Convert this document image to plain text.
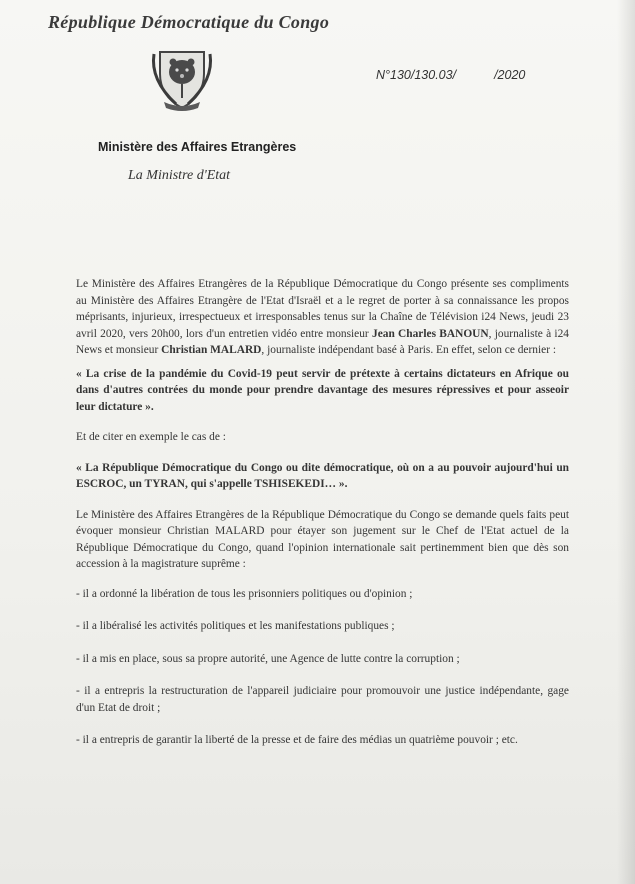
République Démocratique du Congo
N°130/130.03/	/2020
Ministère des Affaires Etrangères
La Ministre d'Etat

Le Ministère des Affaires Etrangères de la République Démocratique du Congo présente ses compliments au Ministère des Affaires Etrangère de l'Etat d'Israël et a le regret de porter à sa connaissance les propos méprisants, injurieux, irrespectueux et irresponsables tenus sur la Chaîne de Télévision i24 News, jeudi 23 avril 2020, vers 20h00, lors d'un entretien vidéo entre monsieur Jean Charles BANOUN, journaliste à i24 News et monsieur Christian MALARD, journaliste indépendant basé à Paris. En effet, selon ce dernier :

« La crise de la pandémie du Covid-19 peut servir de prétexte à certains dictateurs en Afrique ou dans d'autres contrées du monde pour prendre davantage des mesures répressives et pour asseoir leur dictature ».

Et de citer en exemple le cas de :

« La République Démocratique du Congo ou dite démocratique, où on a au pouvoir aujourd'hui un ESCROC, un TYRAN, qui s'appelle TSHISEKEDI… ».

Le Ministère des Affaires Etrangères de la République Démocratique du Congo se demande quels faits peut évoquer monsieur Christian MALARD pour étayer son jugement sur le Chef de l'Etat actuel de la République Démocratique du Congo, quand l'opinion internationale sait pertinemment bien que dès son accession à la magistrature suprême :

- il a ordonné la libération de tous les prisonniers politiques ou d'opinion ;

- il a libéralisé les activités politiques et les manifestations publiques ;

- il a mis en place, sous sa propre autorité, une Agence de lutte contre la corruption ;

- il a entrepris la restructuration de l'appareil judiciaire pour promouvoir une justice indépendante, gage d'un Etat de droit ;

- il a entrepris de garantir la liberté de la presse et de faire des médias un quatrième pouvoir ; etc.
